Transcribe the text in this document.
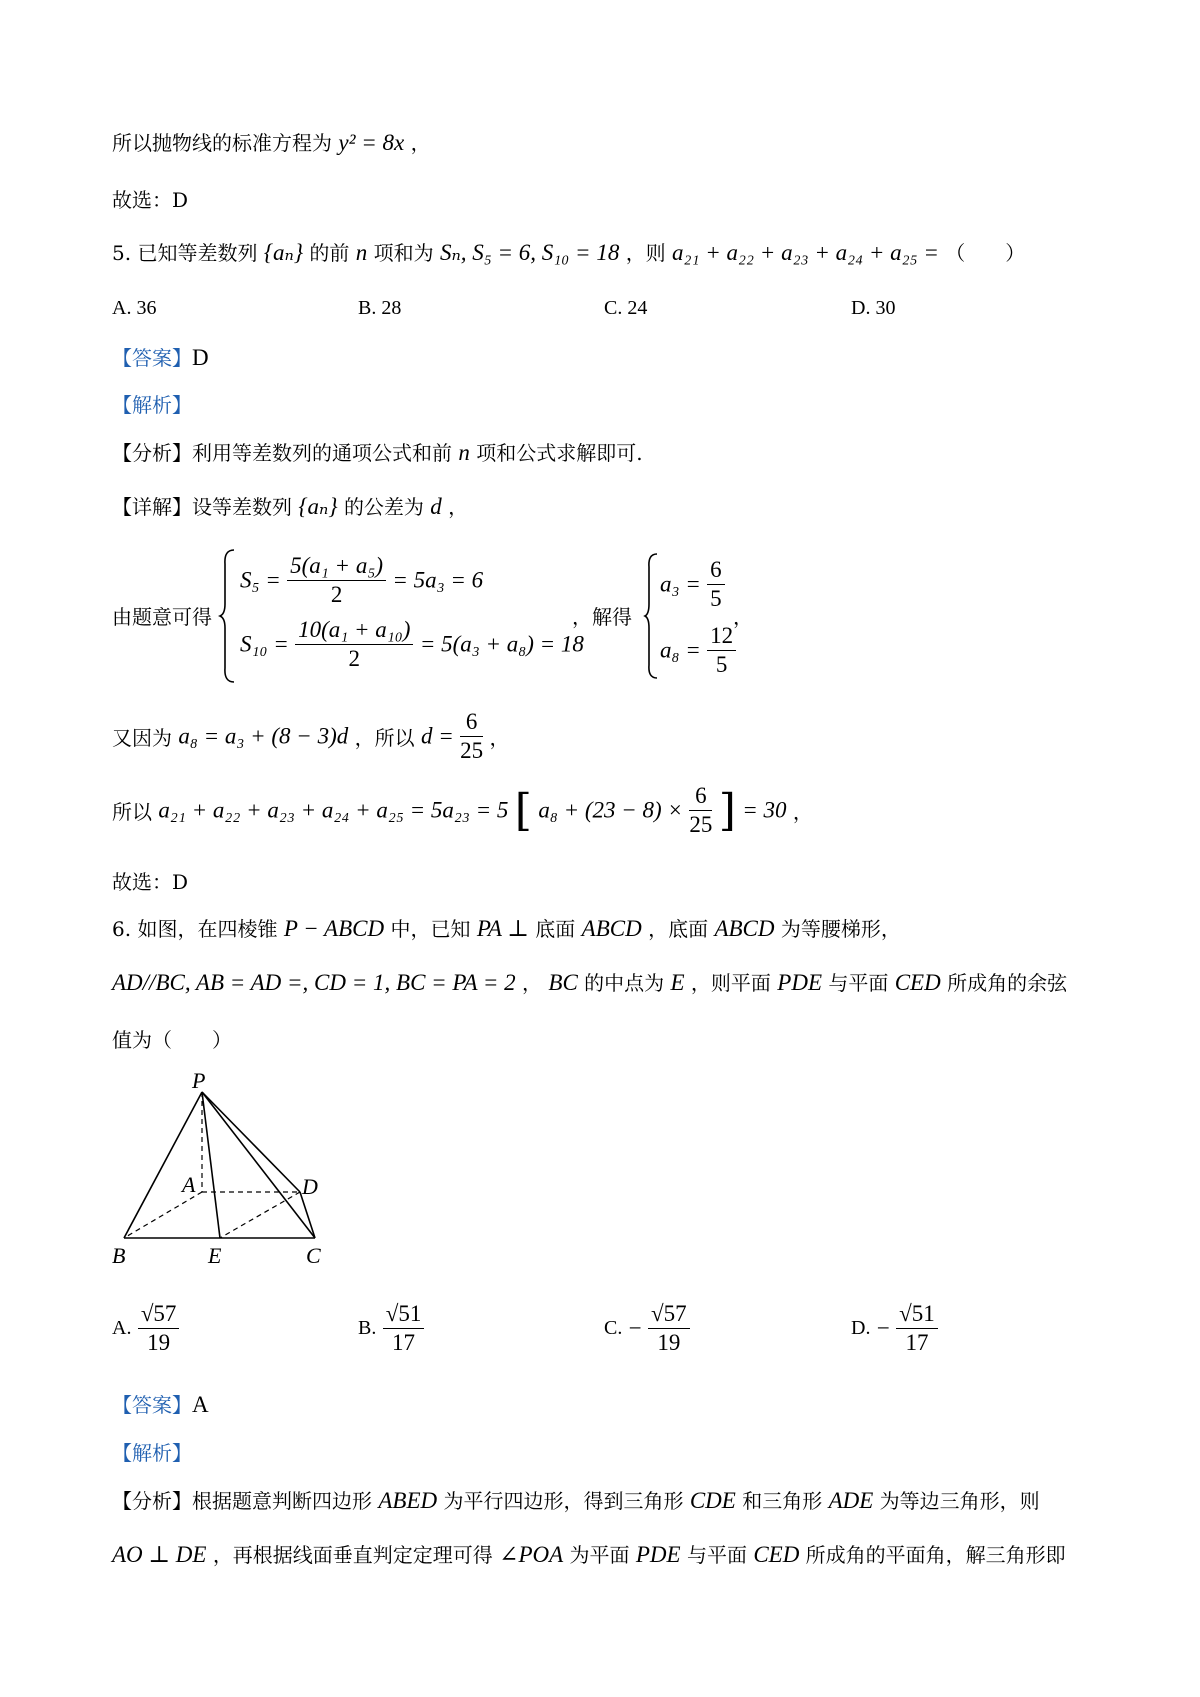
所以抛物线的标准方程为 y² = 8x ，
故选：D
5. 已知等差数列 {aₙ} 的前 n 项和为 Sₙ, S₅ = 6, S₁₀ = 18 ，则 a₂₁ + a₂₂ + a₂₃ + a₂₄ + a₂₅ = （　　）
A. 36	B. 28	C. 24	D. 30
【答案】D
【解析】
【分析】利用等差数列的通项公式和前 n 项和公式求解即可.
【详解】设等差数列 {aₙ} 的公差为 d ，
由题意可得
$S_5 = \frac{\text{5(a₁ + a₅)}}{2} = 5a_3 = 6$
$S_{10} = \frac{\text{10(a₁ + a₁₀)}}{2} = 5(a_3 + a_8) = 18$
，解得
$a_3 = \frac{6}{5}$
$a_8 = \frac{12}{5}$
，
又因为 a₈ = a₃ + (8 − 3)d ，所以 $d = \frac{6}{25}$ ，
所以 a₂₁ + a₂₂ + a₂₃ + a₂₄ + a₂₅ = 5a₂₃ = 5 [ $a_8 + (23 - 8) \times \frac{6}{25}$ ] = 30 ，
故选：D
6. 如图，在四棱锥 P − ABCD 中，已知 PA ⊥ 底面 ABCD ，底面 ABCD 为等腰梯形，
AD//BC, AB = AD =, CD = 1, BC = PA = 2 ， BC 的中点为 E ，则平面 PDE 与平面 CED 所成角的余弦
值为（　　）
P
A	D
B	E	C
A. $\frac{√57}{19}$	B. $\frac{√51}{17}$	C. − $\frac{√57}{19}$	D. − $\frac{√51}{17}$
【答案】A
【解析】
【分析】根据题意判断四边形 ABED 为平行四边形，得到三角形 CDE 和三角形 ADE 为等边三角形，则
AO ⊥ DE ，再根据线面垂直判定定理可得 ∠POA 为平面 PDE 与平面 CED 所成角的平面角，解三角形即
